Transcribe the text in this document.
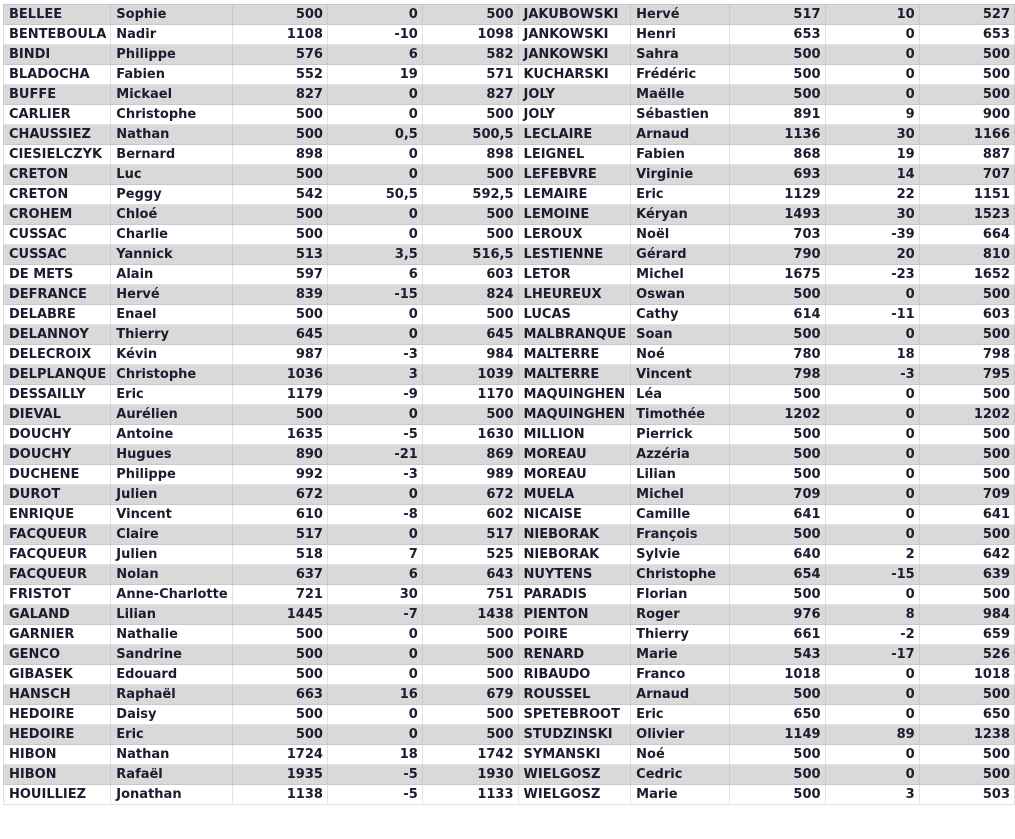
BELLEE	Sophie	500	0	500	JAKUBOWSKI	Hervé	517	10	527
BENTEBOULA	Nadir	1108	-10	1098	JANKOWSKI	Henri	653	0	653
BINDI	Philippe	576	6	582	JANKOWSKI	Sahra	500	0	500
BLADOCHA	Fabien	552	19	571	KUCHARSKI	Frédéric	500	0	500
BUFFE	Mickael	827	0	827	JOLY	Maëlle	500	0	500
CARLIER	Christophe	500	0	500	JOLY	Sébastien	891	9	900
CHAUSSIEZ	Nathan	500	0,5	500,5	LECLAIRE	Arnaud	1136	30	1166
CIESIELCZYK	Bernard	898	0	898	LEIGNEL	Fabien	868	19	887
CRETON	Luc	500	0	500	LEFEBVRE	Virginie	693	14	707
CRETON	Peggy	542	50,5	592,5	LEMAIRE	Eric	1129	22	1151
CROHEM	Chloé	500	0	500	LEMOINE	Kéryan	1493	30	1523
CUSSAC	Charlie	500	0	500	LEROUX	Noël	703	-39	664
CUSSAC	Yannick	513	3,5	516,5	LESTIENNE	Gérard	790	20	810
DE METS	Alain	597	6	603	LETOR	Michel	1675	-23	1652
DEFRANCE	Hervé	839	-15	824	LHEUREUX	Oswan	500	0	500
DELABRE	Enael	500	0	500	LUCAS	Cathy	614	-11	603
DELANNOY	Thierry	645	0	645	MALBRANQUE	Soan	500	0	500
DELECROIX	Kévin	987	-3	984	MALTERRE	Noé	780	18	798
DELPLANQUE	Christophe	1036	3	1039	MALTERRE	Vincent	798	-3	795
DESSAILLY	Eric	1179	-9	1170	MAQUINGHEN	Léa	500	0	500
DIEVAL	Aurélien	500	0	500	MAQUINGHEN	Timothée	1202	0	1202
DOUCHY	Antoine	1635	-5	1630	MILLION	Pierrick	500	0	500
DOUCHY	Hugues	890	-21	869	MOREAU	Azzéria	500	0	500
DUCHENE	Philippe	992	-3	989	MOREAU	Lilian	500	0	500
DUROT	Julien	672	0	672	MUELA	Michel	709	0	709
ENRIQUE	Vincent	610	-8	602	NICAISE	Camille	641	0	641
FACQUEUR	Claire	517	0	517	NIEBORAK	François	500	0	500
FACQUEUR	Julien	518	7	525	NIEBORAK	Sylvie	640	2	642
FACQUEUR	Nolan	637	6	643	NUYTENS	Christophe	654	-15	639
FRISTOT	Anne-Charlotte	721	30	751	PARADIS	Florian	500	0	500
GALAND	Lilian	1445	-7	1438	PIENTON	Roger	976	8	984
GARNIER	Nathalie	500	0	500	POIRE	Thierry	661	-2	659
GENCO	Sandrine	500	0	500	RENARD	Marie	543	-17	526
GIBASEK	Edouard	500	0	500	RIBAUDO	Franco	1018	0	1018
HANSCH	Raphaël	663	16	679	ROUSSEL	Arnaud	500	0	500
HEDOIRE	Daisy	500	0	500	SPETEBROOT	Eric	650	0	650
HEDOIRE	Eric	500	0	500	STUDZINSKI	Olivier	1149	89	1238
HIBON	Nathan	1724	18	1742	SYMANSKI	Noé	500	0	500
HIBON	Rafaël	1935	-5	1930	WIELGOSZ	Cedric	500	0	500
HOUILLIEZ	Jonathan	1138	-5	1133	WIELGOSZ	Marie	500	3	503
